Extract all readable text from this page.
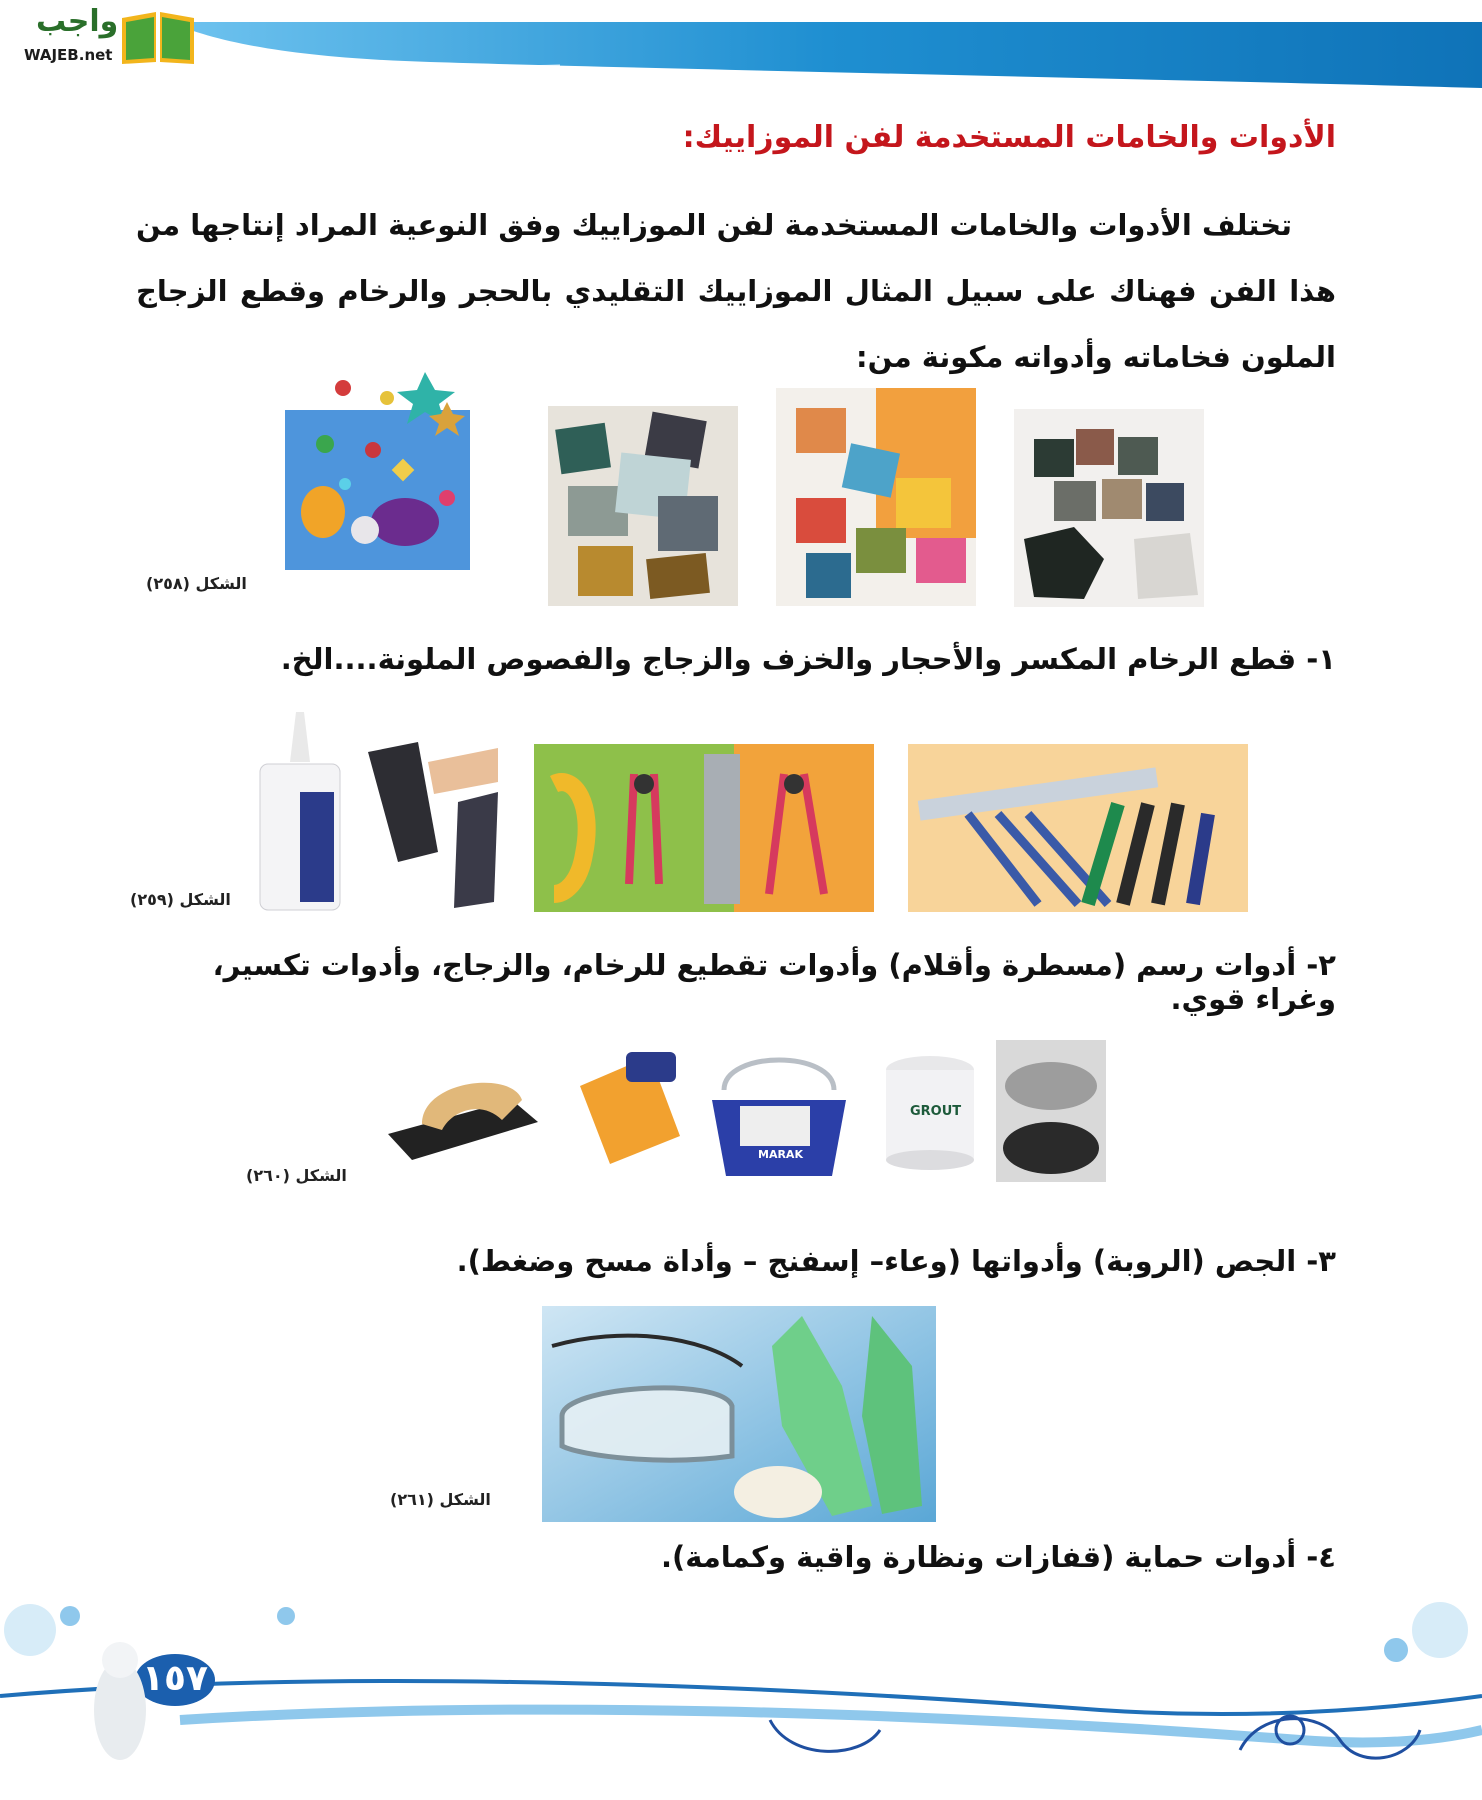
واجب
WAJEB.net
الأدوات والخامات المستخدمة لفن الموزاييك:
تختلف الأدوات والخامات المستخدمة لفن الموزاييك وفق النوعية المراد إنتاجها من هذا الفن فهناك على سبيل المثال الموزاييك التقليدي بالحجر والرخام وقطع الزجاج الملون فخاماته وأدواته مكونة من:
الشكل (٢٥٨)
١- قطع الرخام المكسر والأحجار والخزف والزجاج والفصوص الملونة....الخ.
الشكل (٢٥٩)
٢- أدوات رسم (مسطرة وأقلام) وأدوات تقطيع للرخام، والزجاج، وأدوات تكسير، وغراء قوي.
MARAK
GROUT
الشكل (٢٦٠)
٣- الجص (الروبة) وأدواتها (وعاء– إسفنج – وأداة مسح وضغط).
الشكل (٢٦١)
٤- أدوات حماية (قفازات ونظارة واقية وكمامة).
١٥٧
